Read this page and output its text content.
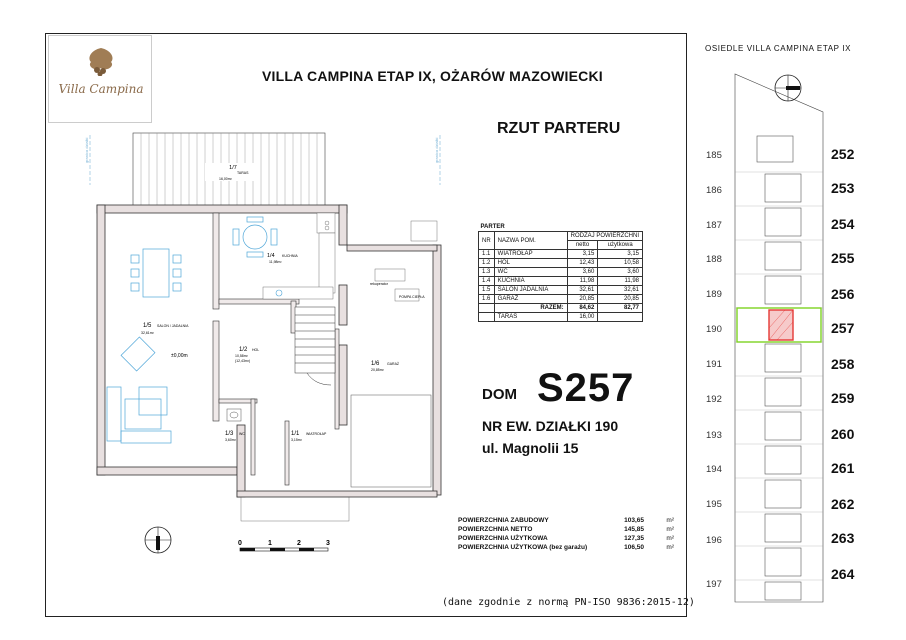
Villa Campina
VILLA CAMPINA ETAP IX, OŻARÓW MAZOWIECKI
RZUT PARTERU
granica działki	granica działki
1/7
TARAS
16,00m²
1/4 KUCHNIA
11,98m²
1/5 SALON / JADALNIA
32,61m²
±0,00m
1/2 HOL
10,58m²
(12,43m²)
1/3 WC
3,60m²
1/1 WIATROŁAP
3,15m²
rekuperator
POMPA CIEPŁA
1/6 GARAŻ
20,85m²
0	1	2	3
PARTER			
NR	NAZWA POM.	RODZAJ POWIERZCHNI	
		netto	użytkowa
1.1	WIATROŁAP	3,15	3,15
1.2	HOL	12,43	10,58
1.3	WC	3,60	3,60
1.4	KUCHNIA	11,98	11,98
1.5	SALON JADALNIA	32,61	32,61
1.6	GARAŻ	20,85	20,85
	RAZEM:	84,62	82,77
	TARAS	16,00	
DOM S257
NR EW. DZIAŁKI 190
ul. Magnolii 15
POWIERZCHNIA ZABUDOWY	103,65	m²
POWIERZCHNIA NETTO	145,85	m²
POWIERZCHNIA UŻYTKOWA	127,35	m²
POWIERZCHNIA UŻYTKOWA (bez garażu)	106,50	m²
(dane zgodnie z normą PN-ISO 9836:2015-12)
OSIEDLE VILLA CAMPINA ETAP IX
185
186
187
188
189
190
191
192
193
194
195
196
197
252
253
254
255
256
257
258
259
260
261
262
263
264
